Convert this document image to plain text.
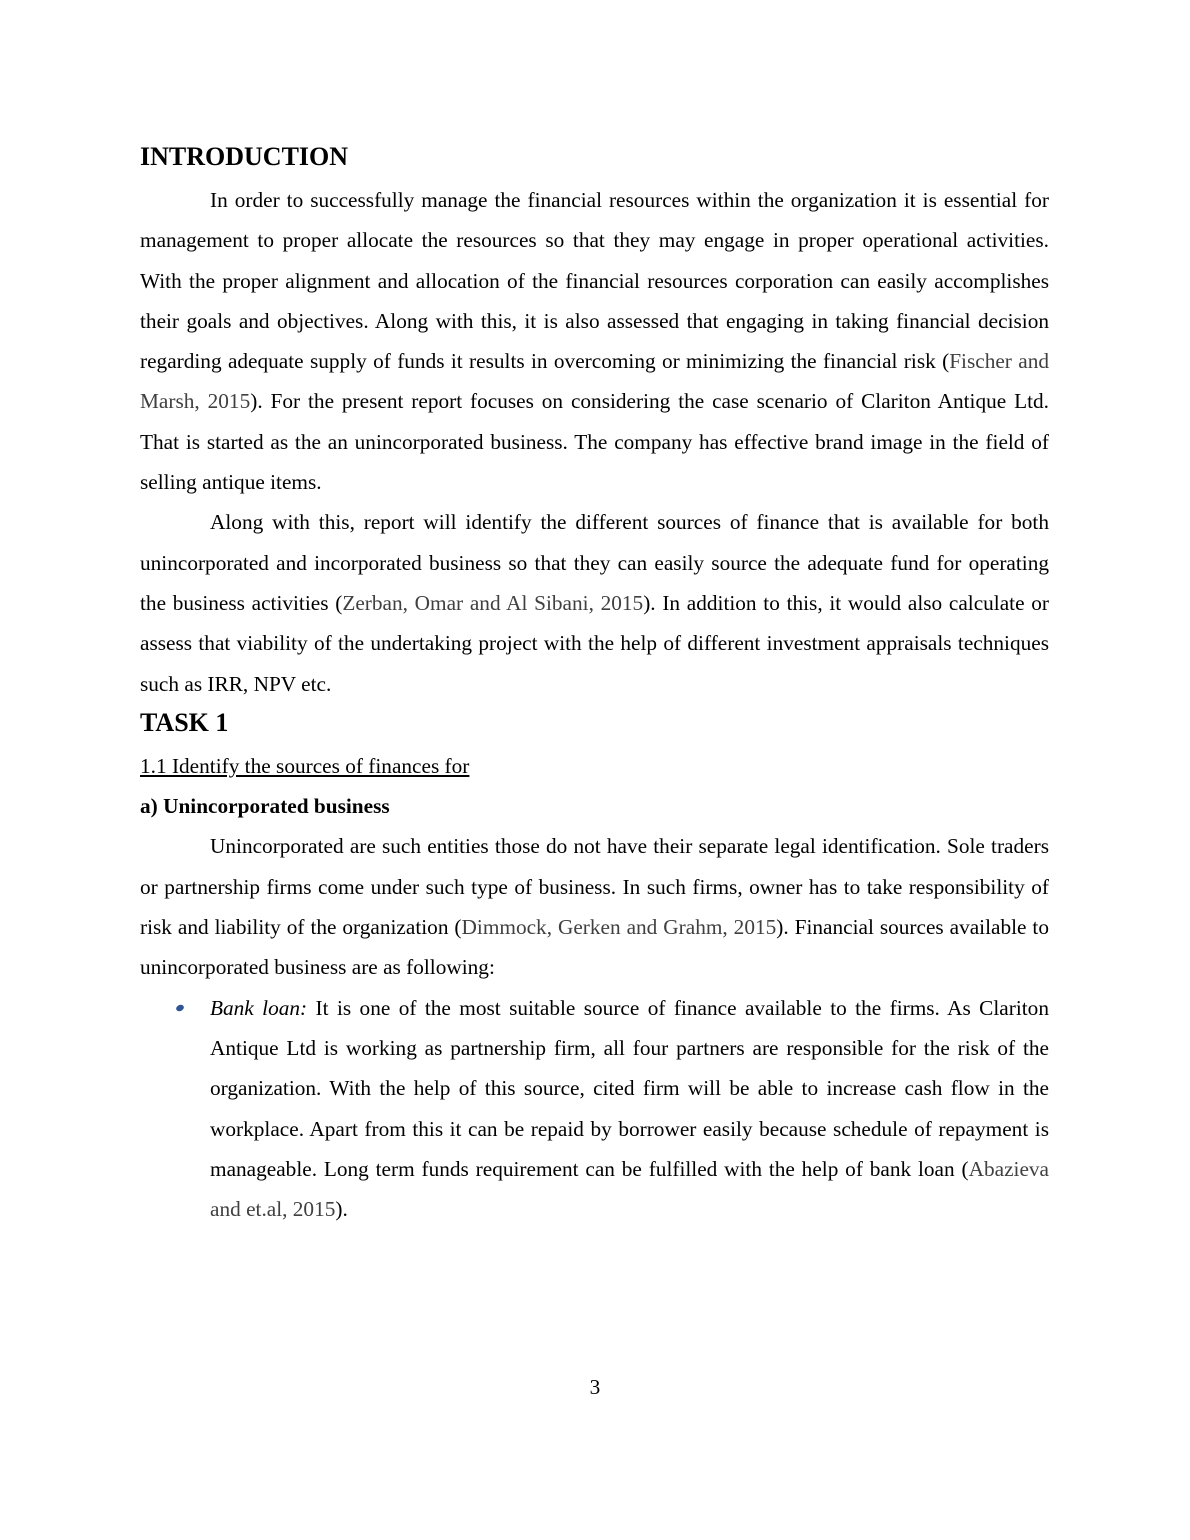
INTRODUCTION

In order to successfully manage the financial resources within the organization it is essential for management to proper allocate the resources so that they may engage in proper operational activities. With the proper alignment and allocation of the financial resources corporation can easily accomplishes their goals and objectives. Along with this, it is also assessed that engaging in taking financial decision regarding adequate supply of funds it results in overcoming or minimizing the financial risk (Fischer and Marsh, 2015). For the present report focuses on considering the case scenario of Clariton Antique Ltd. That is started as the an unincorporated business. The company has effective brand image in the field of selling antique items.

Along with this, report will identify the different sources of finance that is available for both unincorporated and incorporated business so that they can easily source the adequate fund for operating the business activities (Zerban, Omar and Al Sibani, 2015). In addition to this, it would also calculate or assess that viability of the undertaking project with the help of different investment appraisals techniques such as IRR, NPV etc.

TASK 1

1.1 Identify the sources of finances for

a) Unincorporated business

Unincorporated are such entities those do not have their separate legal identification. Sole traders or partnership firms come under such type of business. In such firms, owner has to take responsibility of risk and liability of the organization (Dimmock, Gerken and Grahm, 2015). Financial sources available to unincorporated business are as following:

Bank loan: It is one of the most suitable source of finance available to the firms. As Clariton Antique Ltd is working as partnership firm, all four partners are responsible for the risk of the organization. With the help of this source, cited firm will be able to increase cash flow in the workplace. Apart from this it can be repaid by borrower easily because schedule of repayment is manageable. Long term funds requirement can be fulfilled with the help of bank loan (Abazieva and et.al, 2015).
3
